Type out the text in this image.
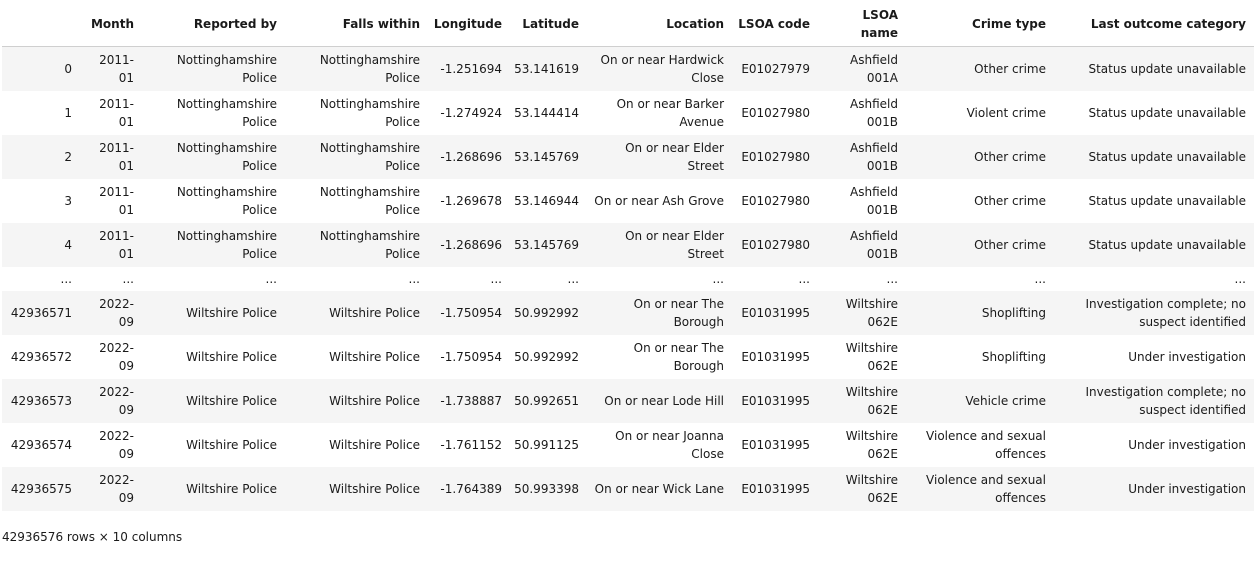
	Month	Reported by	Falls within	Longitude	Latitude	Location	LSOA code	LSOA name	Crime type	Last outcome category
0	2011-01	Nottinghamshire Police	Nottinghamshire Police	-1.251694	53.141619	On or near Hardwick Close	E01027979	Ashfield 001A	Other crime	Status update unavailable
1	2011-01	Nottinghamshire Police	Nottinghamshire Police	-1.274924	53.144414	On or near Barker Avenue	E01027980	Ashfield 001B	Violent crime	Status update unavailable
2	2011-01	Nottinghamshire Police	Nottinghamshire Police	-1.268696	53.145769	On or near Elder Street	E01027980	Ashfield 001B	Other crime	Status update unavailable
3	2011-01	Nottinghamshire Police	Nottinghamshire Police	-1.269678	53.146944	On or near Ash Grove	E01027980	Ashfield 001B	Other crime	Status update unavailable
4	2011-01	Nottinghamshire Police	Nottinghamshire Police	-1.268696	53.145769	On or near Elder Street	E01027980	Ashfield 001B	Other crime	Status update unavailable
...	...	...	...	...	...	...	...	...	...	...
42936571	2022-09	Wiltshire Police	Wiltshire Police	-1.750954	50.992992	On or near The Borough	E01031995	Wiltshire 062E	Shoplifting	Investigation complete; no suspect identified
42936572	2022-09	Wiltshire Police	Wiltshire Police	-1.750954	50.992992	On or near The Borough	E01031995	Wiltshire 062E	Shoplifting	Under investigation
42936573	2022-09	Wiltshire Police	Wiltshire Police	-1.738887	50.992651	On or near Lode Hill	E01031995	Wiltshire 062E	Vehicle crime	Investigation complete; no suspect identified
42936574	2022-09	Wiltshire Police	Wiltshire Police	-1.761152	50.991125	On or near Joanna Close	E01031995	Wiltshire 062E	Violence and sexual offences	Under investigation
42936575	2022-09	Wiltshire Police	Wiltshire Police	-1.764389	50.993398	On or near Wick Lane	E01031995	Wiltshire 062E	Violence and sexual offences	Under investigation
42936576 rows × 10 columns
